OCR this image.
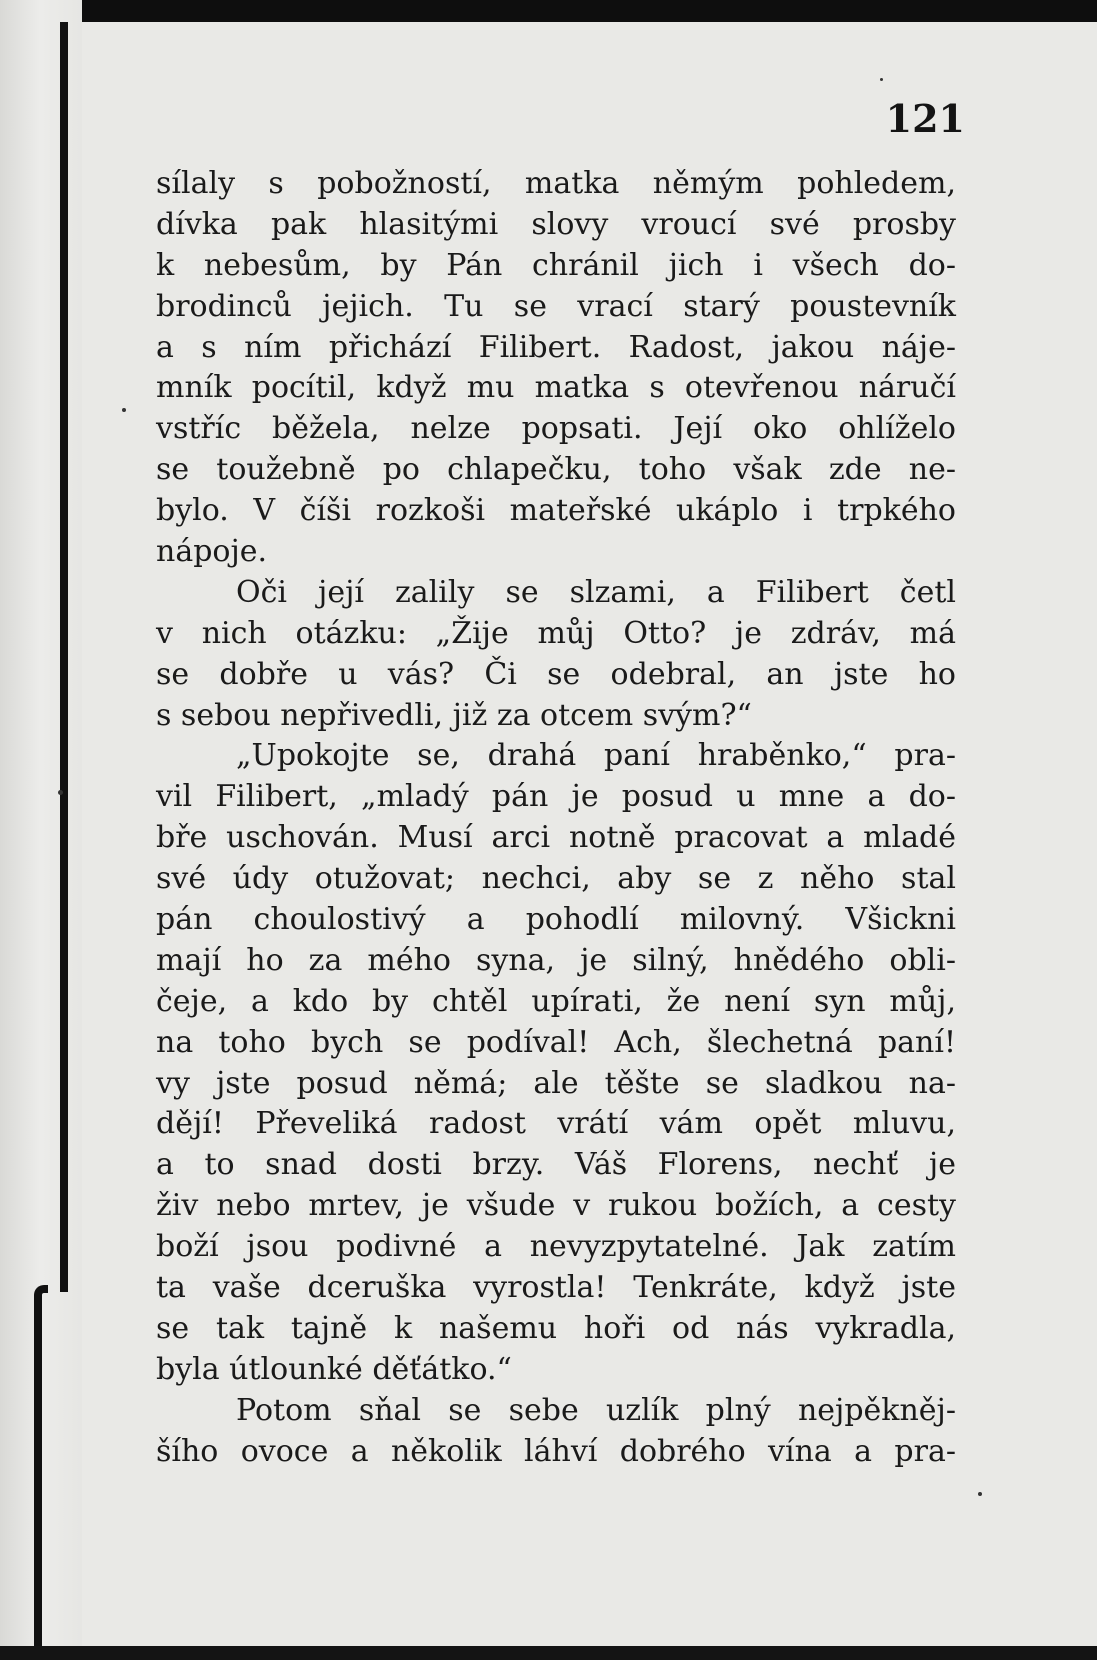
121

sílaly s pobožností, matka němým pohledem,
dívka pak hlasitými slovy vroucí své prosby
k nebesům, by Pán chránil jich i všech do-
brodinců jejich. Tu se vrací starý poustevník
a s ním přichází Filibert. Radost, jakou náje-
mník pocítil, když mu matka s otevřenou náručí
vstříc běžela, nelze popsati. Její oko ohlíželo
se toužebně po chlapečku, toho však zde ne-
bylo. V číši rozkoši mateřské ukáplo i trpkého
nápoje.
Oči její zalily se slzami, a Filibert četl
v nich otázku: „Žije můj Otto? je zdráv, má
se dobře u vás? Či se odebral, an jste ho
s sebou nepřivedli, již za otcem svým?“
„Upokojte se, drahá paní hraběnko,“ pra-
vil Filibert, „mladý pán je posud u mne a do-
bře uschován. Musí arci notně pracovat a mladé
své údy otužovat; nechci, aby se z něho stal
pán choulostivý a pohodlí milovný. Všickni
mají ho za mého syna, je silný, hnědého obli-
čeje, a kdo by chtěl upírati, že není syn můj,
na toho bych se podíval! Ach, šlechetná paní!
vy jste posud němá; ale těšte se sladkou na-
dějí! Převeliká radost vrátí vám opět mluvu,
a to snad dosti brzy. Váš Florens, nechť je
živ nebo mrtev, je všude v rukou božích, a cesty
boží jsou podivné a nevyzpytatelné. Jak zatím
ta vaše dceruška vyrostla! Tenkráte, když jste
se tak tajně k našemu hoři od nás vykradla,
byla útlounké děťátko.“
Potom sňal se sebe uzlík plný nejpěkněj-
šího ovoce a několik láhví dobrého vína a pra-
